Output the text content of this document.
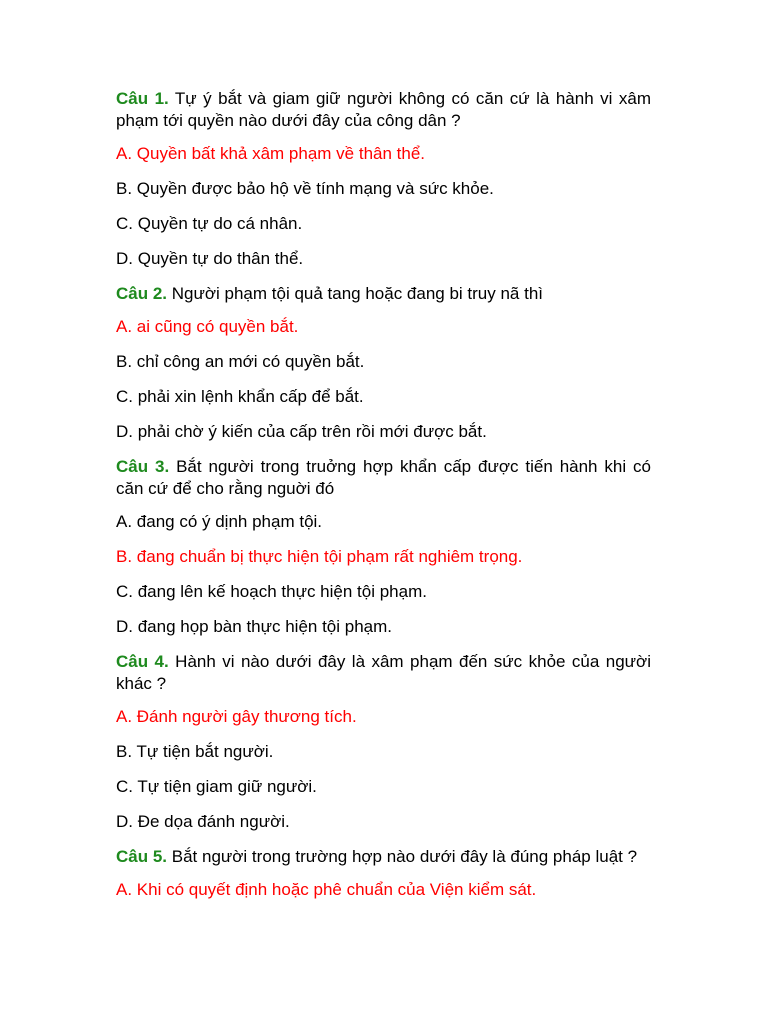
Câu 1. Tự ý bắt và giam giữ người không có căn cứ là hành vi xâm phạm tới quyền nào dưới đây của công dân ?
A. Quyền bất khả xâm phạm về thân thể.
B. Quyền được bảo hộ về tính mạng và sức khỏe.
C. Quyền tự do cá nhân.
D. Quyền tự do thân thể.
Câu 2. Người phạm tội quả tang hoặc đang bi truy nã thì
A. ai cũng có quyền bắt.
B. chỉ công an mới có quyền bắt.
C. phải xin lệnh khẩn cấp để bắt.
D. phải chờ ý kiến của cấp trên rồi mới được bắt.
Câu 3. Bắt người trong truởng hợp khẩn cấp được tiến hành khi có căn cứ để cho rằng nguời đó
A. đang có ý dịnh phạm tội.
B. đang chuẩn bị thực hiện tội phạm rất nghiêm trọng.
C. đang lên kế hoạch thực hiện tội phạm.
D. đang họp bàn thực hiện tội phạm.
Câu 4. Hành vi nào dưới đây là xâm phạm đến sức khỏe của người khác ?
A. Đánh người gây thương tích.
B. Tự tiện bắt người.
C. Tự tiện giam giữ người.
D. Đe dọa đánh người.
Câu 5. Bắt người trong trường hợp nào dưới đây là đúng pháp luật ?
A. Khi có quyết định hoặc phê chuẩn của Viện kiểm sát.
